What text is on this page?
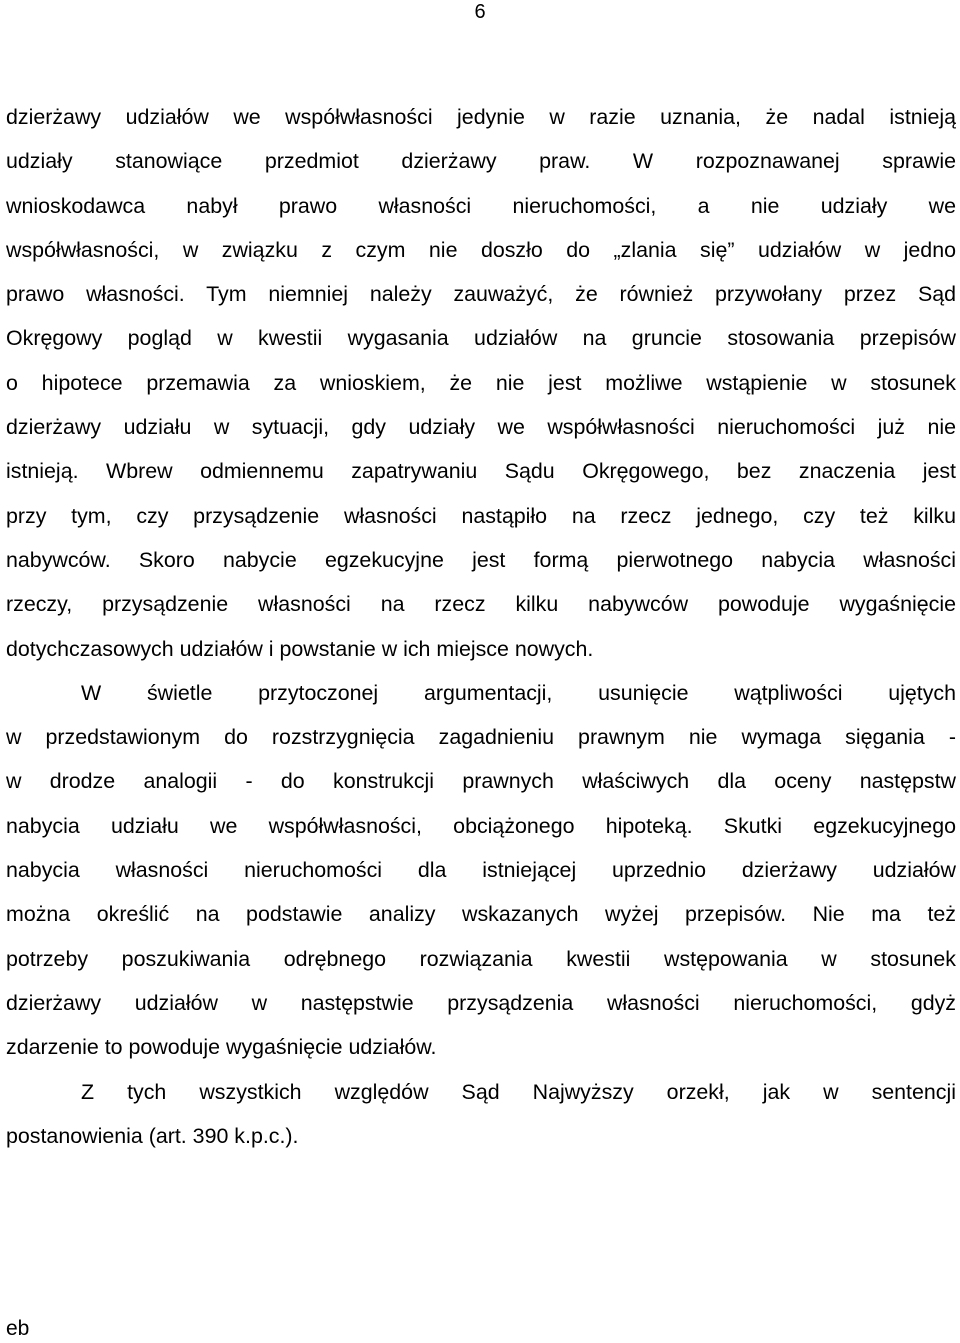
6
dzierżawy udziałów we współwłasności jedynie w razie uznania, że nadal istnieją
udziały stanowiące przedmiot dzierżawy praw. W rozpoznawanej sprawie
wnioskodawca nabył prawo własności nieruchomości, a nie udziały we
współwłasności, w związku z czym nie doszło do „zlania się” udziałów w jedno
prawo własności. Tym niemniej należy zauważyć, że również przywołany przez Sąd
Okręgowy pogląd w kwestii wygasania udziałów na gruncie stosowania przepisów
o hipotece przemawia za wnioskiem, że nie jest możliwe wstąpienie w stosunek
dzierżawy udziału w sytuacji, gdy udziały we współwłasności nieruchomości już nie
istnieją. Wbrew odmiennemu zapatrywaniu Sądu Okręgowego, bez znaczenia jest
przy tym, czy przysądzenie własności nastąpiło na rzecz jednego, czy też kilku
nabywców. Skoro nabycie egzekucyjne jest formą pierwotnego nabycia własności
rzeczy, przysądzenie własności na rzecz kilku nabywców powoduje wygaśnięcie
dotychczasowych udziałów i powstanie w ich miejsce nowych.
W świetle przytoczonej argumentacji, usunięcie wątpliwości ujętych
w przedstawionym do rozstrzygnięcia zagadnieniu prawnym nie wymaga sięgania -
w drodze analogii - do konstrukcji prawnych właściwych dla oceny następstw
nabycia udziału we współwłasności, obciążonego hipoteką. Skutki egzekucyjnego
nabycia własności nieruchomości dla istniejącej uprzednio dzierżawy udziałów
można określić na podstawie analizy wskazanych wyżej przepisów. Nie ma też
potrzeby poszukiwania odrębnego rozwiązania kwestii wstępowania w stosunek
dzierżawy udziałów w następstwie przysądzenia własności nieruchomości, gdyż
zdarzenie to powoduje wygaśnięcie udziałów.
Z tych wszystkich względów Sąd Najwyższy orzekł, jak w sentencji
postanowienia (art. 390 k.p.c.).
eb
